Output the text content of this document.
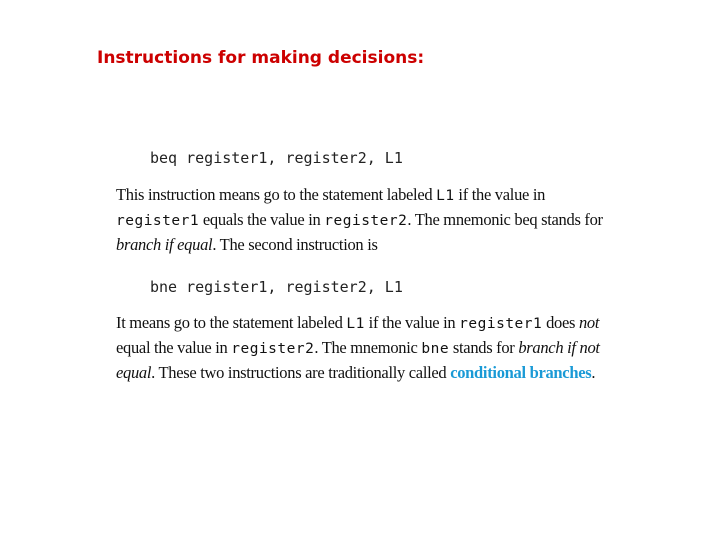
Instructions for making decisions:
beq register1, register2, L1

This instruction means go to the statement labeled L1 if the value in register1 equals the value in register2. The mnemonic beq stands for branch if equal. The second instruction is

bne register1, register2, L1

It means go to the statement labeled L1 if the value in register1 does not equal the value in register2. The mnemonic bne stands for branch if not equal. These two instructions are traditionally called conditional branches.
